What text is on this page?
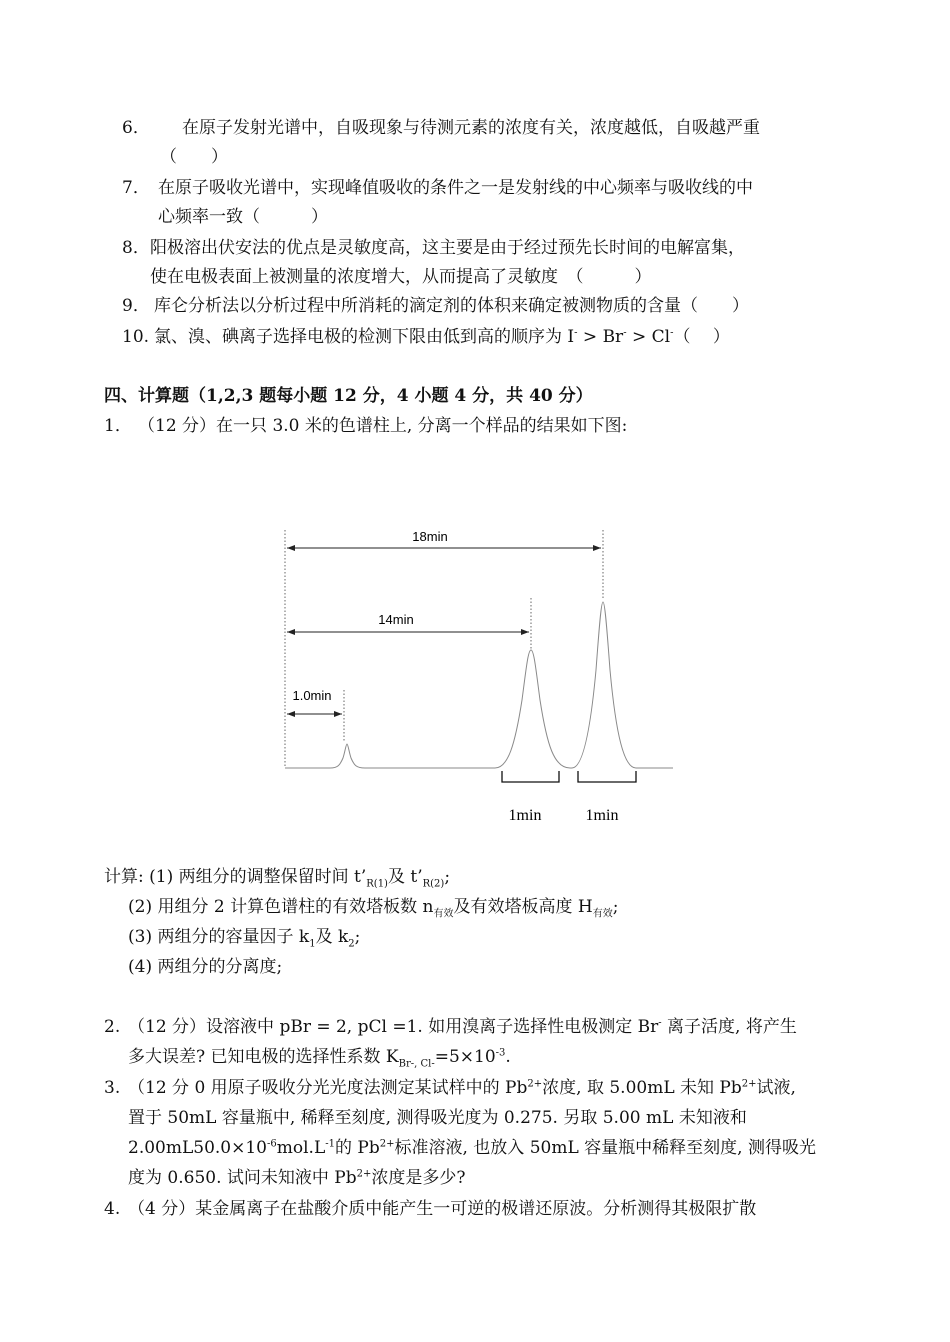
6． 在原子发射光谱中，自吸现象与待测元素的浓度有关，浓度越低，自吸越严重
（　　）
7． 在原子吸收光谱中，实现峰值吸收的条件之一是发射线的中心频率与吸收线的中
心频率一致（　　　）
8．阳极溶出伏安法的优点是灵敏度高，这主要是由于经过预先长时间的电解富集，
使在电极表面上被测量的浓度增大，从而提高了灵敏度　（　　　）
9． 库仑分析法以分析过程中所消耗的滴定剂的体积来确定被测物质的含量（　　）
10. 氯、溴、碘离子选择电极的检测下限由低到高的顺序为 I- > Br- > Cl-（　 ）
四、计算题（1,2,3 题每小题 12 分，4 小题 4 分，共 40 分）
1． （12 分）在一只 3.0 米的色谱柱上, 分离一个样品的结果如下图:
18min
14min
1.0min
1min	1min
计算: (1) 两组分的调整保留时间 $t’_{R(1)}$及 $t’_{R(2)}$;
(2) 用组分 2 计算色谱柱的有效塔板数 $n_{有效}$及有效塔板高度 $H_{有效}$;
(3) 两组分的容量因子 $k_1$及 $k_2$;
(4) 两组分的分离度;
2. （12 分）设溶液中 pBr = 2, pCl =1. 如用溴离子选择性电极测定 Br- 离子活度, 将产生
多大误差? 已知电极的选择性系数 $K_{Br-, Cl-}=5\times 10^{-3}$.
3. （12 分 0 用原子吸收分光光度法测定某试样中的 $Pb^{2+}$浓度, 取 5.00mL 未知 $Pb^{2+}$试液,
置于 50mL 容量瓶中, 稀释至刻度, 测得吸光度为 0.275. 另取 5.00 mL 未知液和
$2.00mL50.0\times 10^{-6}mol.L^{-1}$的 $Pb^{2+}$标准溶液, 也放入 50mL 容量瓶中稀释至刻度, 测得吸光
度为 0.650. 试问未知液中 $Pb^{2+}$浓度是多少?
4. （4 分）某金属离子在盐酸介质中能产生一可逆的极谱还原波。分析测得其极限扩散
